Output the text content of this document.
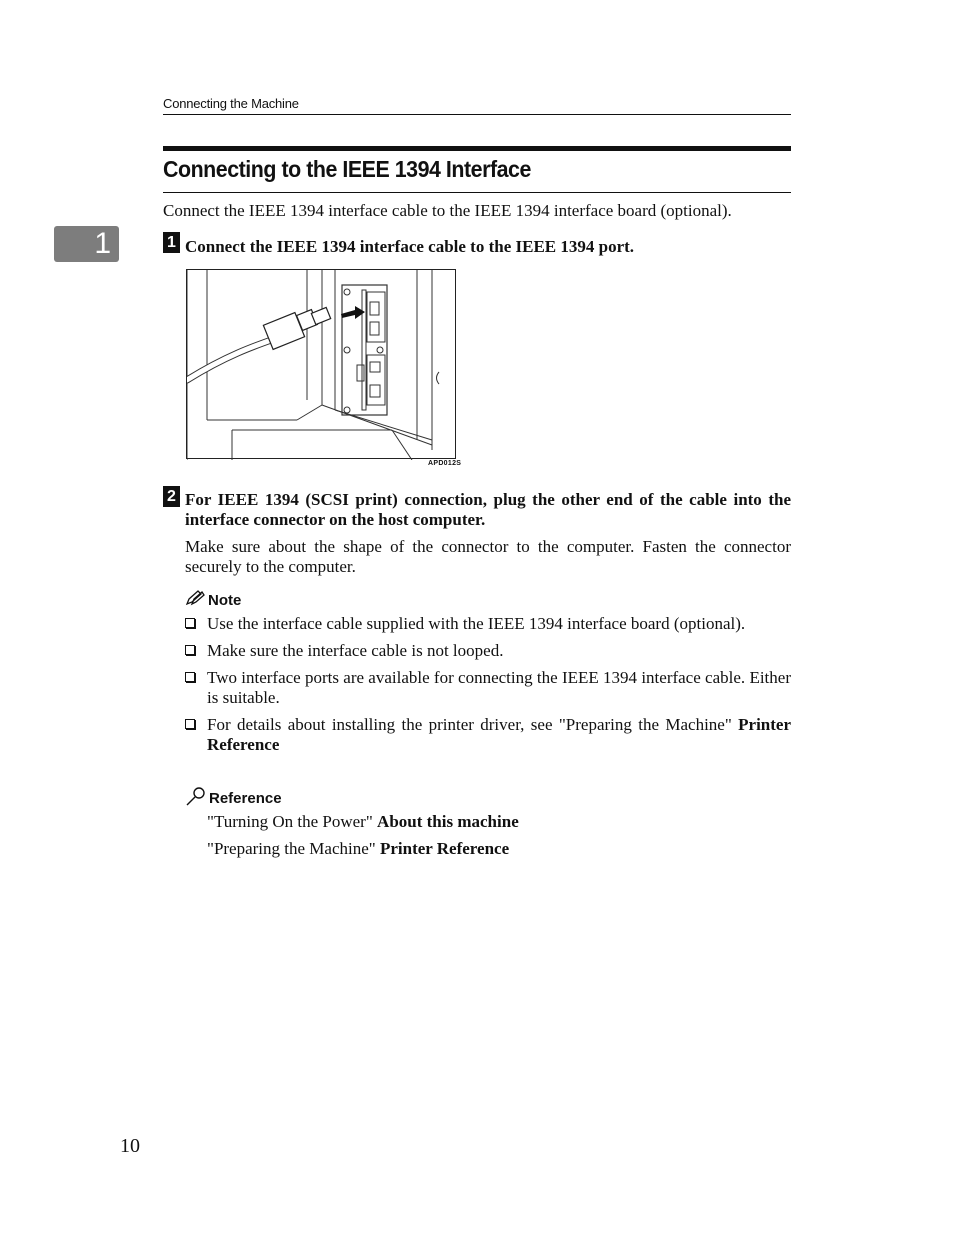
Connecting the Machine
Connecting to the IEEE 1394 Interface
Connect the IEEE 1394 interface cable to the IEEE 1394 interface board (optional).
1	1 Connect the IEEE 1394 interface cable to the IEEE 1394 port.
APD012S
2 For IEEE 1394 (SCSI print) connection, plug the other end of the cable into the interface connector on the host computer.
Make sure about the shape of the connector to the computer. Fasten the connector securely to the computer.
Note
Use the interface cable supplied with the IEEE 1394 interface board (optional).
Make sure the interface cable is not looped.
Two interface ports are available for connecting the IEEE 1394 interface cable. Either is suitable.
For details about installing the printer driver, see "Preparing the Machine" Printer Reference
Reference
"Turning On the Power" About this machine
"Preparing the Machine" Printer Reference
10
